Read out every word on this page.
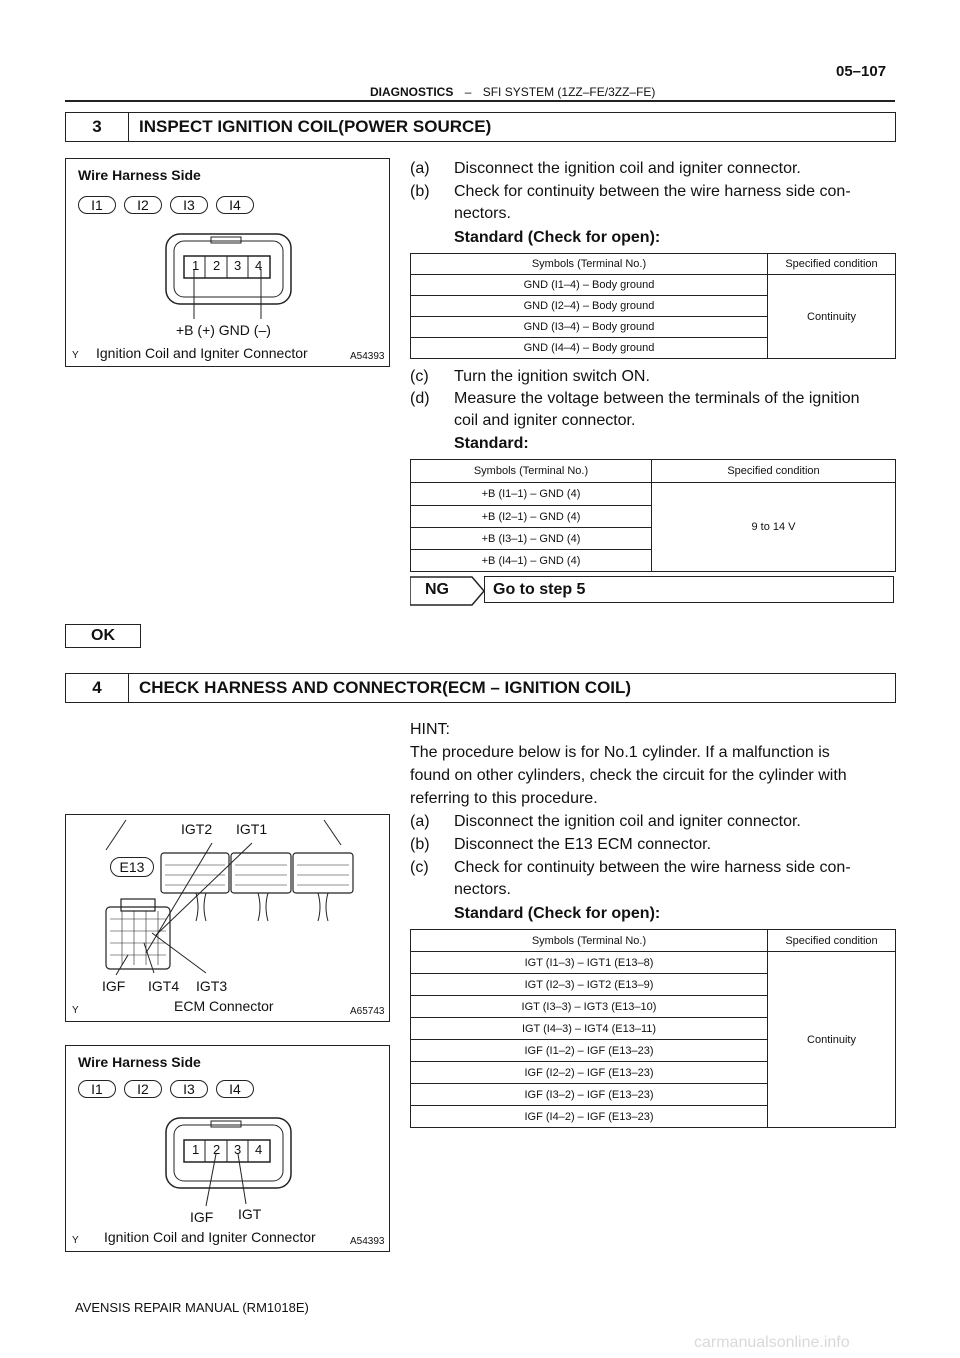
05–107
DIAGNOSTICS – SFI SYSTEM (1ZZ–FE/3ZZ–FE)
3	INSPECT IGNITION COIL(POWER SOURCE)
Wire Harness Side
I1	I2	I3	I4
1 2 3 4
+B (+) GND (–)
Ignition Coil and Igniter Connector
Y	A54393
(a) Disconnect the ignition coil and igniter connector.
(b) Check for continuity between the wire harness side con-
nectors.
Standard (Check for open):
Symbols (Terminal No.)	Specified condition
GND (I1–4) – Body ground	Continuity
GND (I2–4) – Body ground	
GND (I3–4) – Body ground	
GND (I4–4) – Body ground	
(c) Turn the ignition switch ON.
(d) Measure the voltage between the terminals of the ignition
coil and igniter connector.
Standard:
Symbols (Terminal No.)	Specified condition
+B (I1–1) – GND (4)	9 to 14 V
+B (I2–1) – GND (4)	
+B (I3–1) – GND (4)	
+B (I4–1) – GND (4)	
NG	Go to step 5
OK
4	CHECK HARNESS AND CONNECTOR(ECM – IGNITION COIL)
HINT:
The procedure below is for No.1 cylinder. If a malfunction is
found on other cylinders, check the circuit for the cylinder with
referring to this procedure.
(a) Disconnect the ignition coil and igniter connector.
(b) Disconnect the E13 ECM connector.
(c) Check for continuity between the wire harness side con-
nectors.
Standard (Check for open):
Symbols (Terminal No.)	Specified condition
IGT (I1–3) – IGT1 (E13–8)	Continuity
IGT (I2–3) – IGT2 (E13–9)	
IGT (I3–3) – IGT3 (E13–10)	
IGT (I4–3) – IGT4 (E13–11)	
IGF (I1–2) – IGF (E13–23)	
IGF (I2–2) – IGF (E13–23)	
IGF (I3–2) – IGF (E13–23)	
IGF (I4–2) – IGF (E13–23)	
IGT2 IGT1
E13
IGF IGT4 IGT3
ECM Connector
Y	A65743
Wire Harness Side
I1	I2	I3	I4
1 2 3 4
IGF IGT
Ignition Coil and Igniter Connector
Y	A54393
AVENSIS REPAIR MANUAL (RM1018E)
carmanualsonline.info
